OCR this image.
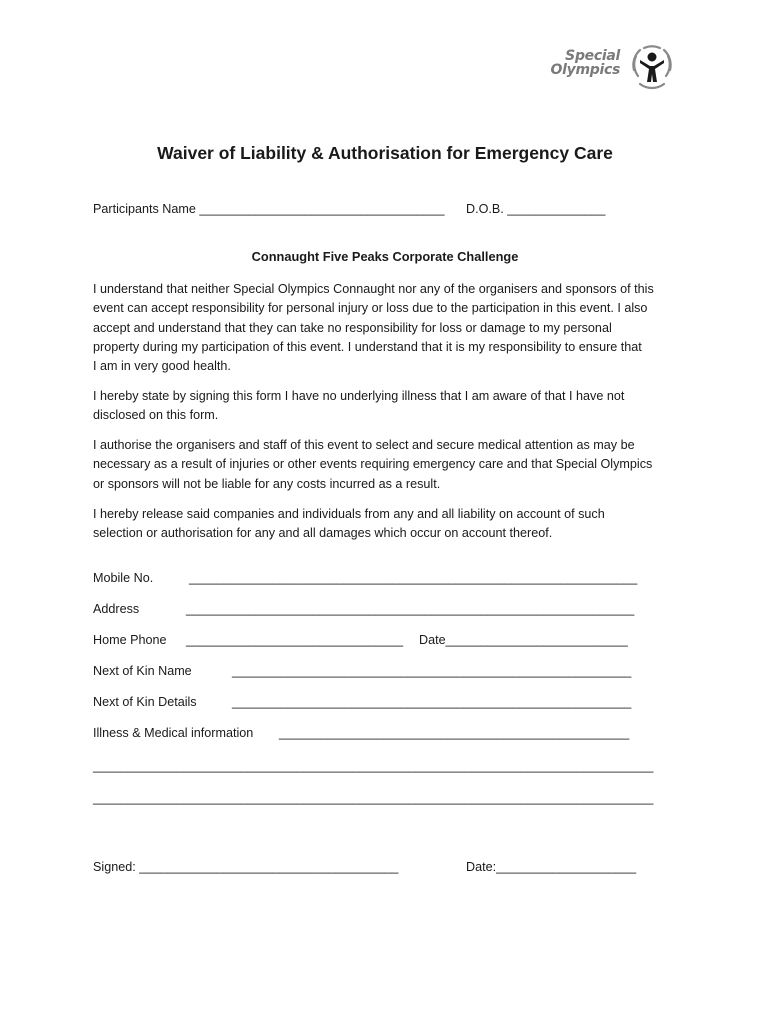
Special
Olympics
Waiver of Liability & Authorisation for Emergency Care
Participants Name ___________________________________ D.O.B. ______________
Connaught Five Peaks Corporate Challenge
I understand that neither Special Olympics Connaught nor any of the organisers and sponsors of this
event can accept responsibility for personal injury or loss due to the participation in this event. I also
accept and understand that they can take no responsibility for loss or damage to my personal
property during my participation of this event. I understand that it is my responsibility to ensure that
I am in very good health.
I hereby state by signing this form I have no underlying illness that I am aware of that I have not
disclosed on this form.
I authorise the organisers and staff of this event to select and secure medical attention as may be
necessary as a result of injuries or other events requiring emergency care and that Special Olympics
or sponsors will not be liable for any costs incurred as a result.
I hereby release said companies and individuals from any and all liability on account of such
selection or authorisation for any and all damages which occur on account thereof.
Mobile No.	________________________________________________________________
Address	________________________________________________________________
Home Phone _______________________________ Date__________________________
Next of Kin Name	_________________________________________________________
Next of Kin Details	_________________________________________________________
Illness & Medical information __________________________________________________
________________________________________________________________________________
________________________________________________________________________________
Signed: _____________________________________	Date:____________________
